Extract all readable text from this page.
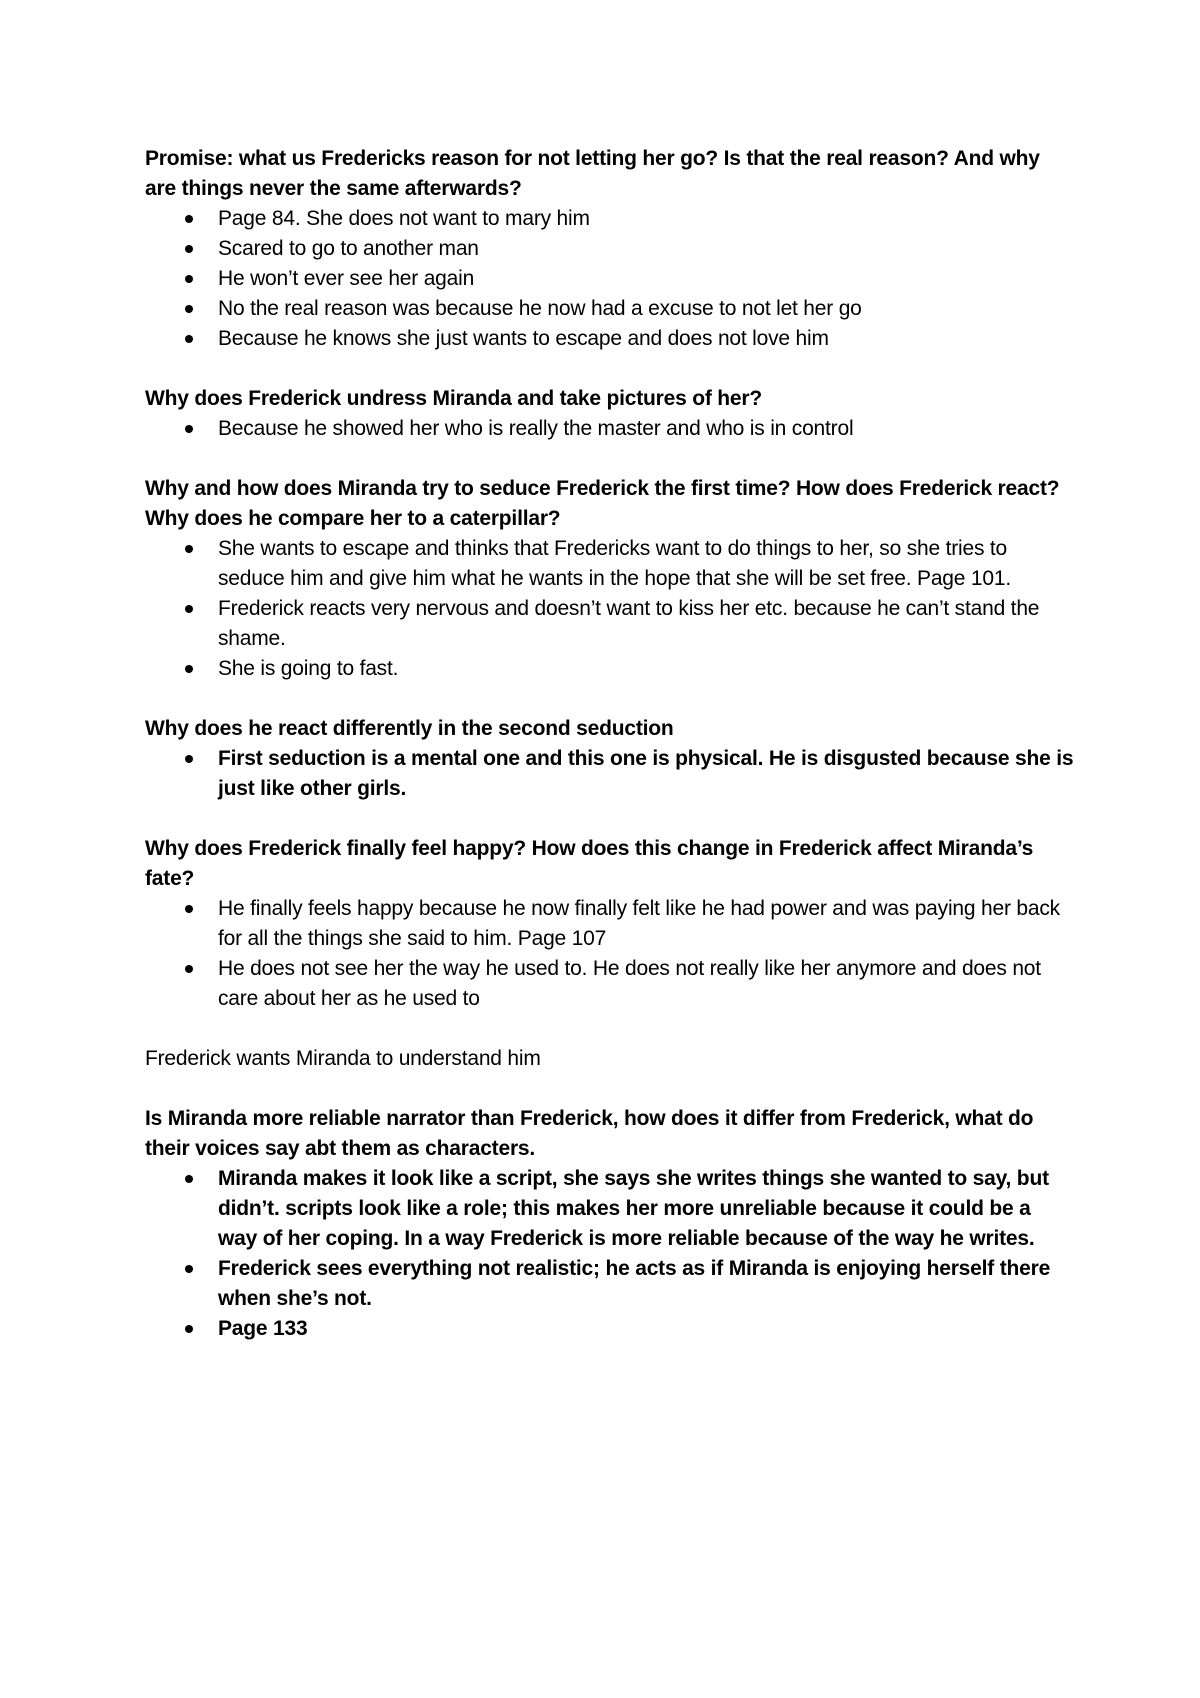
Promise: what us Fredericks reason for not letting her go? Is that the real reason? And why are things never the same afterwards?

Page 84. She does not want to mary him
Scared to go to another man
He won’t ever see her again
No the real reason was because he now had a excuse to not let her go
Because he knows she just wants to escape and does not love him

Why does Frederick undress Miranda and take pictures of her?

Because he showed her who is really the master and who is in control

Why and how does Miranda try to seduce Frederick the first time? How does Frederick react? Why does he compare her to a caterpillar?

She wants to escape and thinks that Fredericks want to do things to her, so she tries to seduce him and give him what he wants in the hope that she will be set free. Page 101.
Frederick reacts very nervous and doesn’t want to kiss her etc. because he can’t stand the shame.
She is going to fast.

Why does he react differently in the second seduction

First seduction is a mental one and this one is physical. He is disgusted because she is just like other girls.

Why does Frederick finally feel happy? How does this change in Frederick affect Miranda’s fate?

He finally feels happy because he now finally felt like he had power and was paying her back for all the things she said to him. Page 107
He does not see her the way he used to. He does not really like her anymore and does not care about her as he used to

Frederick wants Miranda to understand him

Is Miranda more reliable narrator than Frederick, how does it differ from Frederick, what do their voices say abt them as characters.

Miranda makes it look like a script, she says she writes things she wanted to say, but didn’t. scripts look like a role; this makes her more unreliable because it could be a way of her coping. In a way Frederick is more reliable because of the way he writes.
Frederick sees everything not realistic; he acts as if Miranda is enjoying herself there when she’s not.
Page 133
